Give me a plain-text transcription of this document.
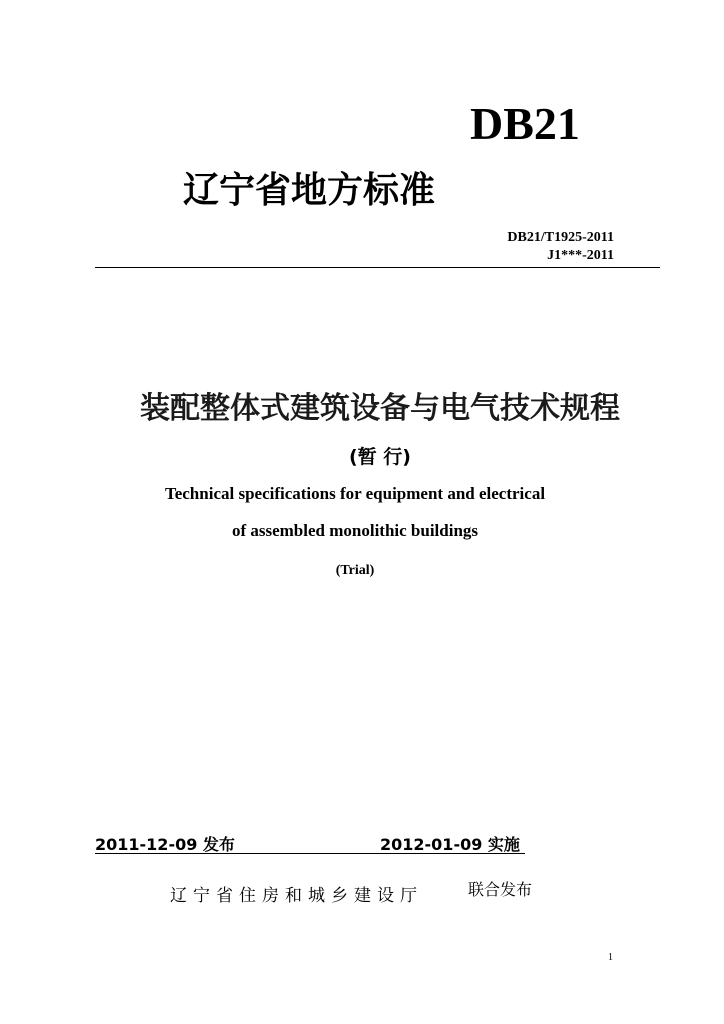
DB21
辽宁省地方标准
DB21/T1925-2011
J1***-2011
装配整体式建筑设备与电气技术规程
(暂 行)
Technical specifications for equipment and electrical
of assembled monolithic buildings
(Trial)
2011-12-09 发布	2012-01-09 实施
辽宁省住房和城乡建设厅	联合发布
1
